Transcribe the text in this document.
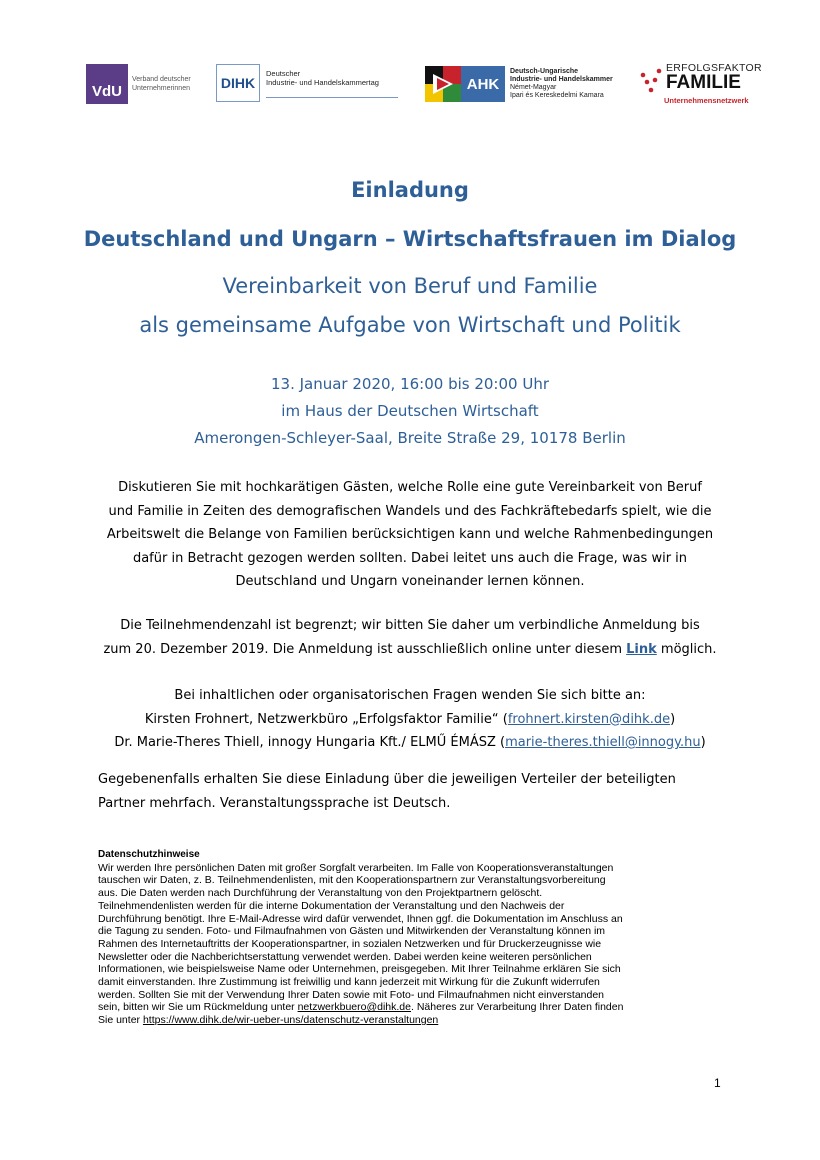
VdU
Verband deutscher Unternehmerinnen	DIHK
Deutscher
Industrie- und Handelskammertag	AHK
Deutsch-Ungarische
Industrie- und Handelskammer
Német-Magyar
Ipari és Kereskedelmi Kamara
ERFOLGSFAKTOR
FAMILIE
Unternehmensnetzwerk
Einladung
Deutschland und Ungarn – Wirtschaftsfrauen im Dialog
Vereinbarkeit von Beruf und Familie
als gemeinsame Aufgabe von Wirtschaft und Politik
13. Januar 2020, 16:00 bis 20:00 Uhr
im Haus der Deutschen Wirtschaft
Amerongen-Schleyer-Saal, Breite Straße 29, 10178 Berlin
Diskutieren Sie mit hochkarätigen Gästen, welche Rolle eine gute Vereinbarkeit von Beruf
und Familie in Zeiten des demografischen Wandels und des Fachkräftebedarfs spielt, wie die
Arbeitswelt die Belange von Familien berücksichtigen kann und welche Rahmenbedingungen
dafür in Betracht gezogen werden sollten. Dabei leitet uns auch die Frage, was wir in
Deutschland und Ungarn voneinander lernen können.
Die Teilnehmendenzahl ist begrenzt; wir bitten Sie daher um verbindliche Anmeldung bis
zum 20. Dezember 2019. Die Anmeldung ist ausschließlich online unter diesem Link möglich.
Bei inhaltlichen oder organisatorischen Fragen wenden Sie sich bitte an:
Kirsten Frohnert, Netzwerkbüro „Erfolgsfaktor Familie“ (frohnert.kirsten@dihk.de)
Dr. Marie-Theres Thiell, innogy Hungaria Kft./ ELMŰ ÉMÁSZ (marie-theres.thiell@innogy.hu)
Gegebenenfalls erhalten Sie diese Einladung über die jeweiligen Verteiler der beteiligten
Partner mehrfach. Veranstaltungssprache ist Deutsch.
Datenschutzhinweise
Wir werden Ihre persönlichen Daten mit großer Sorgfalt verarbeiten. Im Falle von Kooperationsveranstaltungen
tauschen wir Daten, z. B. Teilnehmendenlisten, mit den Kooperationspartnern zur Veranstaltungsvorbereitung
aus. Die Daten werden nach Durchführung der Veranstaltung von den Projektpartnern gelöscht.
Teilnehmendenlisten werden für die interne Dokumentation der Veranstaltung und den Nachweis der
Durchführung benötigt. Ihre E-Mail-Adresse wird dafür verwendet, Ihnen ggf. die Dokumentation im Anschluss an
die Tagung zu senden. Foto- und Filmaufnahmen von Gästen und Mitwirkenden der Veranstaltung können im
Rahmen des Internetauftritts der Kooperationspartner, in sozialen Netzwerken und für Druckerzeugnisse wie
Newsletter oder die Nachberichtserstattung verwendet werden. Dabei werden keine weiteren persönlichen
Informationen, wie beispielsweise Name oder Unternehmen, preisgegeben. Mit Ihrer Teilnahme erklären Sie sich
damit einverstanden. Ihre Zustimmung ist freiwillig und kann jederzeit mit Wirkung für die Zukunft widerrufen
werden. Sollten Sie mit der Verwendung Ihrer Daten sowie mit Foto- und Filmaufnahmen nicht einverstanden
sein, bitten wir Sie um Rückmeldung unter netzwerkbuero@dihk.de. Näheres zur Verarbeitung Ihrer Daten finden
Sie unter https://www.dihk.de/wir-ueber-uns/datenschutz-veranstaltungen
1
